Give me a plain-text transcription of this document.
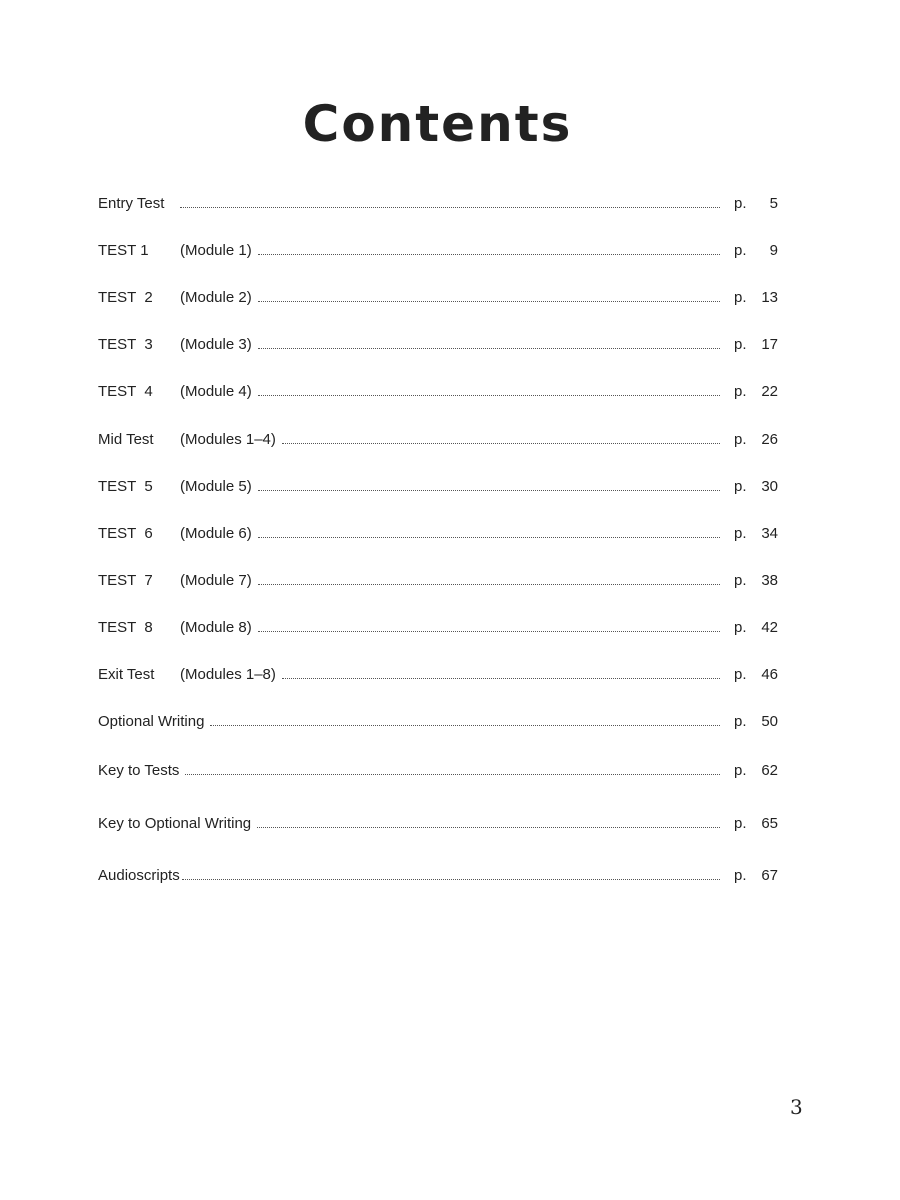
Contents
Entry Test	p.	5
TEST 1	(Module 1)	p.	9
TEST  2	(Module 2)	p. 13
TEST  3	(Module 3)	p. 17
TEST  4	(Module 4)	p. 22
Mid Test	(Modules 1–4)	p. 26
TEST  5	(Module 5)	p. 30
TEST  6	(Module 6)	p. 34
TEST  7	(Module 7)	p. 38
TEST  8	(Module 8)	p. 42
Exit Test	(Modules 1–8)	p. 46
Optional Writing	p. 50
Key to Tests	p. 62
Key to Optional Writing	p. 65
Audioscripts	p. 67
3
